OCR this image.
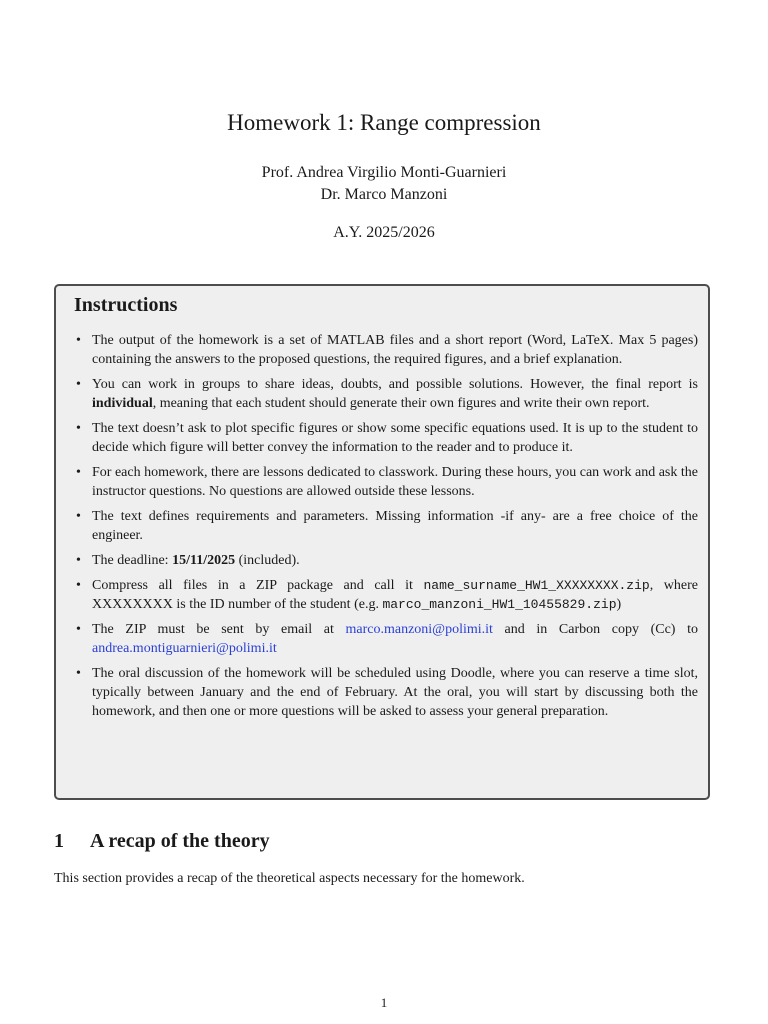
Homework 1: Range compression
Prof. Andrea Virgilio Monti-Guarnieri
Dr. Marco Manzoni
A.Y. 2025/2026
Instructions
• The output of the homework is a set of MATLAB files and a short report (Word, LaTeX. Max 5 pages) containing the answers to the proposed questions, the required figures, and a brief explanation.
• You can work in groups to share ideas, doubts, and possible solutions. However, the final report is individual, meaning that each student should generate their own figures and write their own report.
• The text doesn’t ask to plot specific figures or show some specific equations used. It is up to the student to decide which figure will better convey the information to the reader and to produce it.
• For each homework, there are lessons dedicated to classwork. During these hours, you can work and ask the instructor questions. No questions are allowed outside these lessons.
• The text defines requirements and parameters. Missing information -if any- are a free choice of the engineer.
• The deadline: 15/11/2025 (included).
• Compress all files in a ZIP package and call it name_surname_HW1_XXXXXXXX.zip, where XXXXXXXX is the ID number of the student (e.g. marco_manzoni_HW1_10455829.zip)
• The ZIP must be sent by email at marco.manzoni@polimi.it and in Carbon copy (Cc) to andrea.montiguarnieri@polimi.it
• The oral discussion of the homework will be scheduled using Doodle, where you can reserve a time slot, typically between January and the end of February. At the oral, you will start by discussing both the homework, and then one or more questions will be asked to assess your general preparation.
1 A recap of the theory
This section provides a recap of the theoretical aspects necessary for the homework.
1
